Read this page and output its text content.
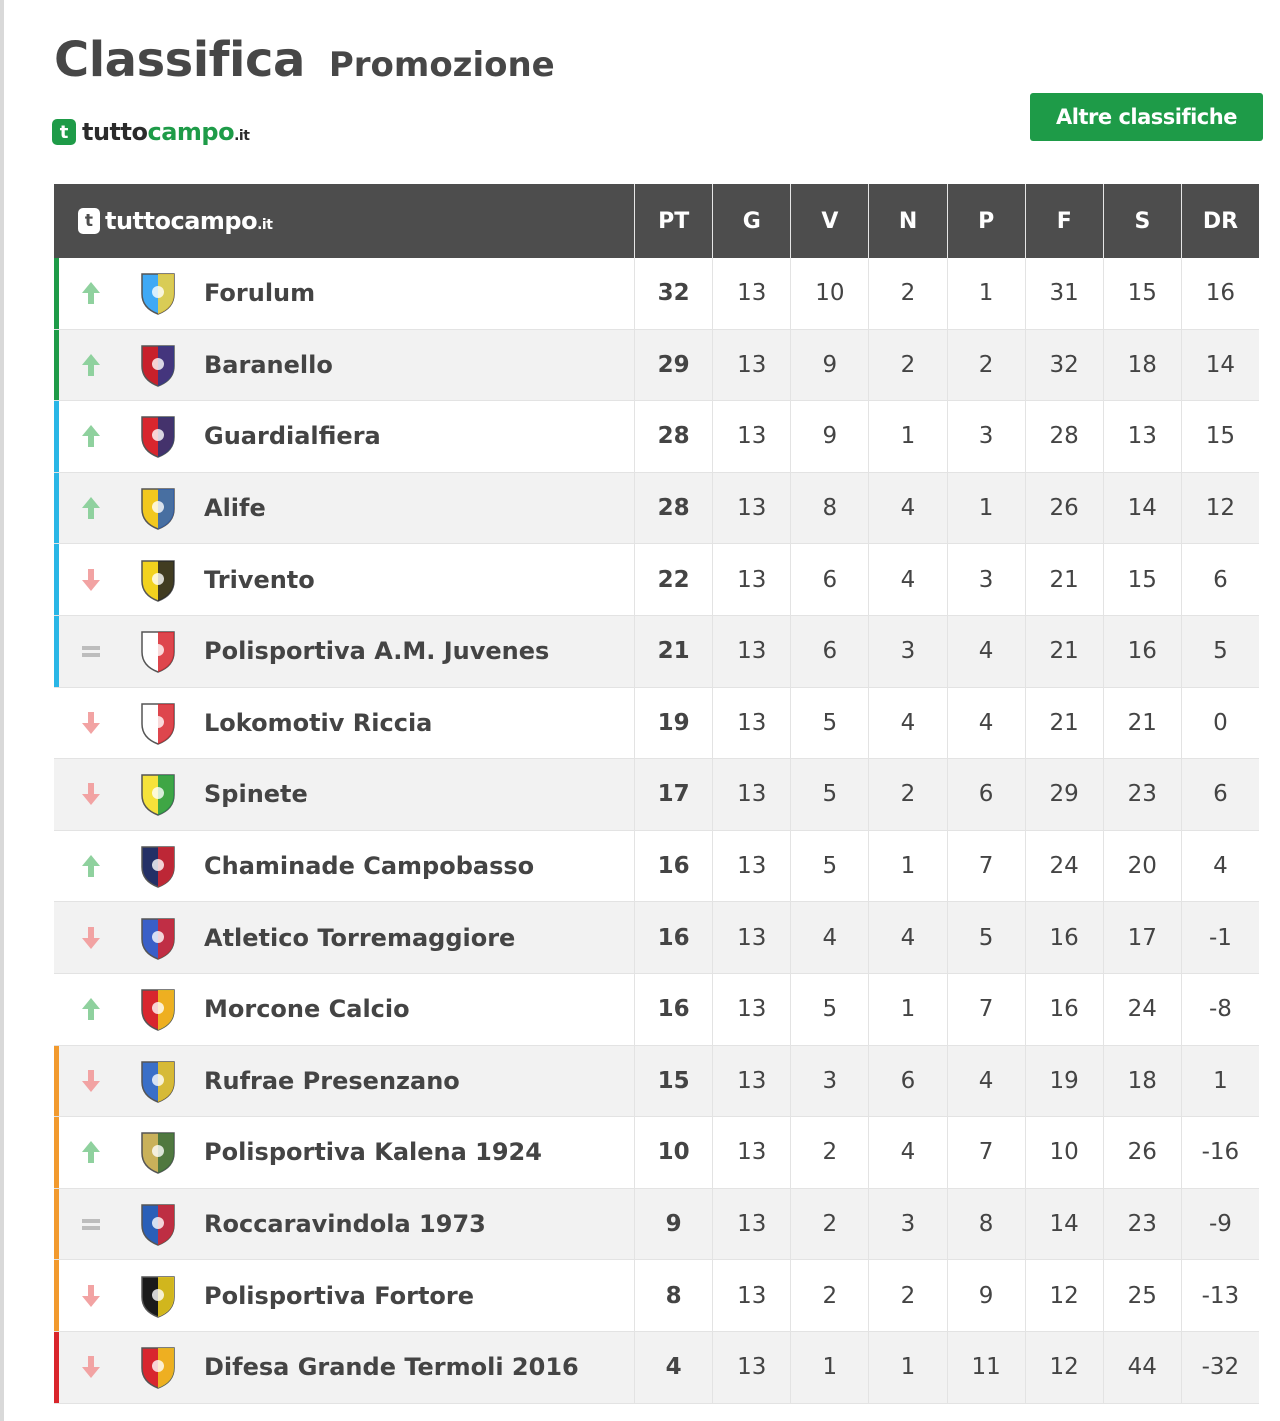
Classifica Promozione
t tuttocampo.it
Altre classifiche
t tuttocampo.it	PT	G	V	N	P	F	S	DR
Forulum	32	13	10	2	1	31	15	16
Baranello	29	13	9	2	2	32	18	14
Guardialfiera	28	13	9	1	3	28	13	15
Alife	28	13	8	4	1	26	14	12
Trivento	22	13	6	4	3	21	15	6
Polisportiva A.M. Juvenes	21	13	6	3	4	21	16	5
Lokomotiv Riccia	19	13	5	4	4	21	21	0
Spinete	17	13	5	2	6	29	23	6
Chaminade Campobasso	16	13	5	1	7	24	20	4
Atletico Torremaggiore	16	13	4	4	5	16	17	-1
Morcone Calcio	16	13	5	1	7	16	24	-8
Rufrae Presenzano	15	13	3	6	4	19	18	1
Polisportiva Kalena 1924	10	13	2	4	7	10	26	-16
Roccaravindola 1973	9	13	2	3	8	14	23	-9
Polisportiva Fortore	8	13	2	2	9	12	25	-13
Difesa Grande Termoli 2016	4	13	1	1	11	12	44	-32
